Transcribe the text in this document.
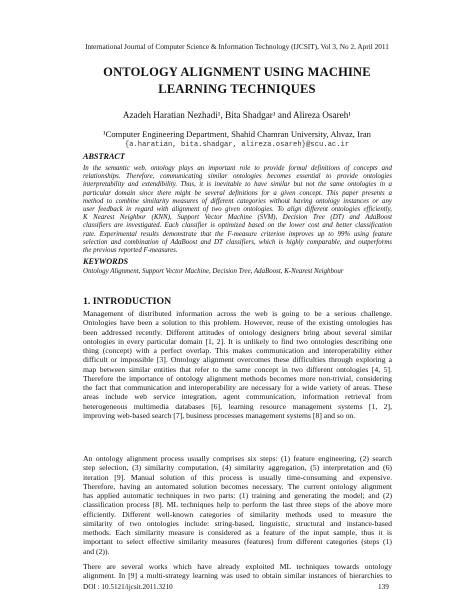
International Journal of Computer Science & Information Technology (IJCSIT), Vol 3, No 2, April 2011
ONTOLOGY ALIGNMENT USING MACHINE
LEARNING TECHNIQUES
Azadeh Haratian Nezhadi¹, Bita Shadgar¹ and Alireza Osareh¹
¹Computer Engineering Department, Shahid Chamran University, Ahvaz, Iran
{a.haratian, bita.shadgar, alireza.osareh}@scu.ac.ir
ABSTRACT
In the semantic web, ontology plays an important role to provide formal definitions of concepts and
relationships. Therefore, communicating similar ontologies becomes essential to provide ontologies
interpretability and extendibility. Thus, it is inevitable to have similar but not the same ontologies in a
particular domain since there might be several definitions for a given concept. This paper presents a
method to combine similarity measures of different categories without having ontology instances or any
user feedback in regard with alignment of two given ontologies. To align different ontologies efficiently,
K Nearest Neighbor (KNN), Support Vector Machine (SVM), Decision Tree (DT) and AdaBoost
classifiers are investigated. Each classifier is optimized based on the lower cost and better classification
rate. Experimental results demonstrate that the F-measure criterion improves up to 99% using feature
selection and combination of AdaBoost and DT classifiers, which is highly comparable, and outperforms
the previous reported F-measures.
KEYWORDS
Ontology Alignment, Support Vector Machine, Decision Tree, AdaBoost, K-Nearest Neighbour
1. INTRODUCTION
Management of distributed information across the web is going to be a serious challenge.
Ontologies have been a solution to this problem. However, reuse of the existing ontologies has
been addressed recently. Different attitudes of ontology designers bring about several similar
ontologies in every particular domain [1, 2]. It is unlikely to find two ontologies describing one
thing (concept) with a perfect overlap. This makes communication and interoperability either
difficult or impossible [3]. Ontology alignment overcomes these difficulties through exploring a
map between similar entities that refer to the same concept in two different ontologies [4, 5].
Therefore the importance of ontology alignment methods becomes more non-trivial, considering
the fact that communication and interoperability are necessary for a wide variety of areas. These
areas include web service integration, agent communication, information retrieval from
heterogeneous multimedia databases [6], learning resource management systems [1, 2],
improving web-based search [7], business processes management systems [8] and so on.
An ontology alignment process usually comprises six steps: (1) feature engineering, (2) search
step selection, (3) similarity computation, (4) similarity aggregation, (5) interpretation and (6)
iteration [9]. Manual solution of this process is usually time-consuming and expensive.
Therefore, having an automated solution becomes necessary. The current ontology alignment
has applied automatic techniques in two parts: (1) training and generating the model; and (2)
classification process [8]. ML techniques help to perform the last three steps of the above more
efficiently. Different well-known categories of similarity methods used to measure the
similarity of two ontologies include: string-based, linguistic, structural and instance-based
methods. Each similarity measure is considered as a feature of the input sample, thus it is
important to select effective similarity measures (features) from different categories (steps (1)
and (2)).
There are several works which have already exploited ML techniques towards ontology
alignment. In [9] a multi-strategy learning was used to obtain similar instances of hierarchies to
DOI : 10.5121/ijcsit.2011.3210	139
